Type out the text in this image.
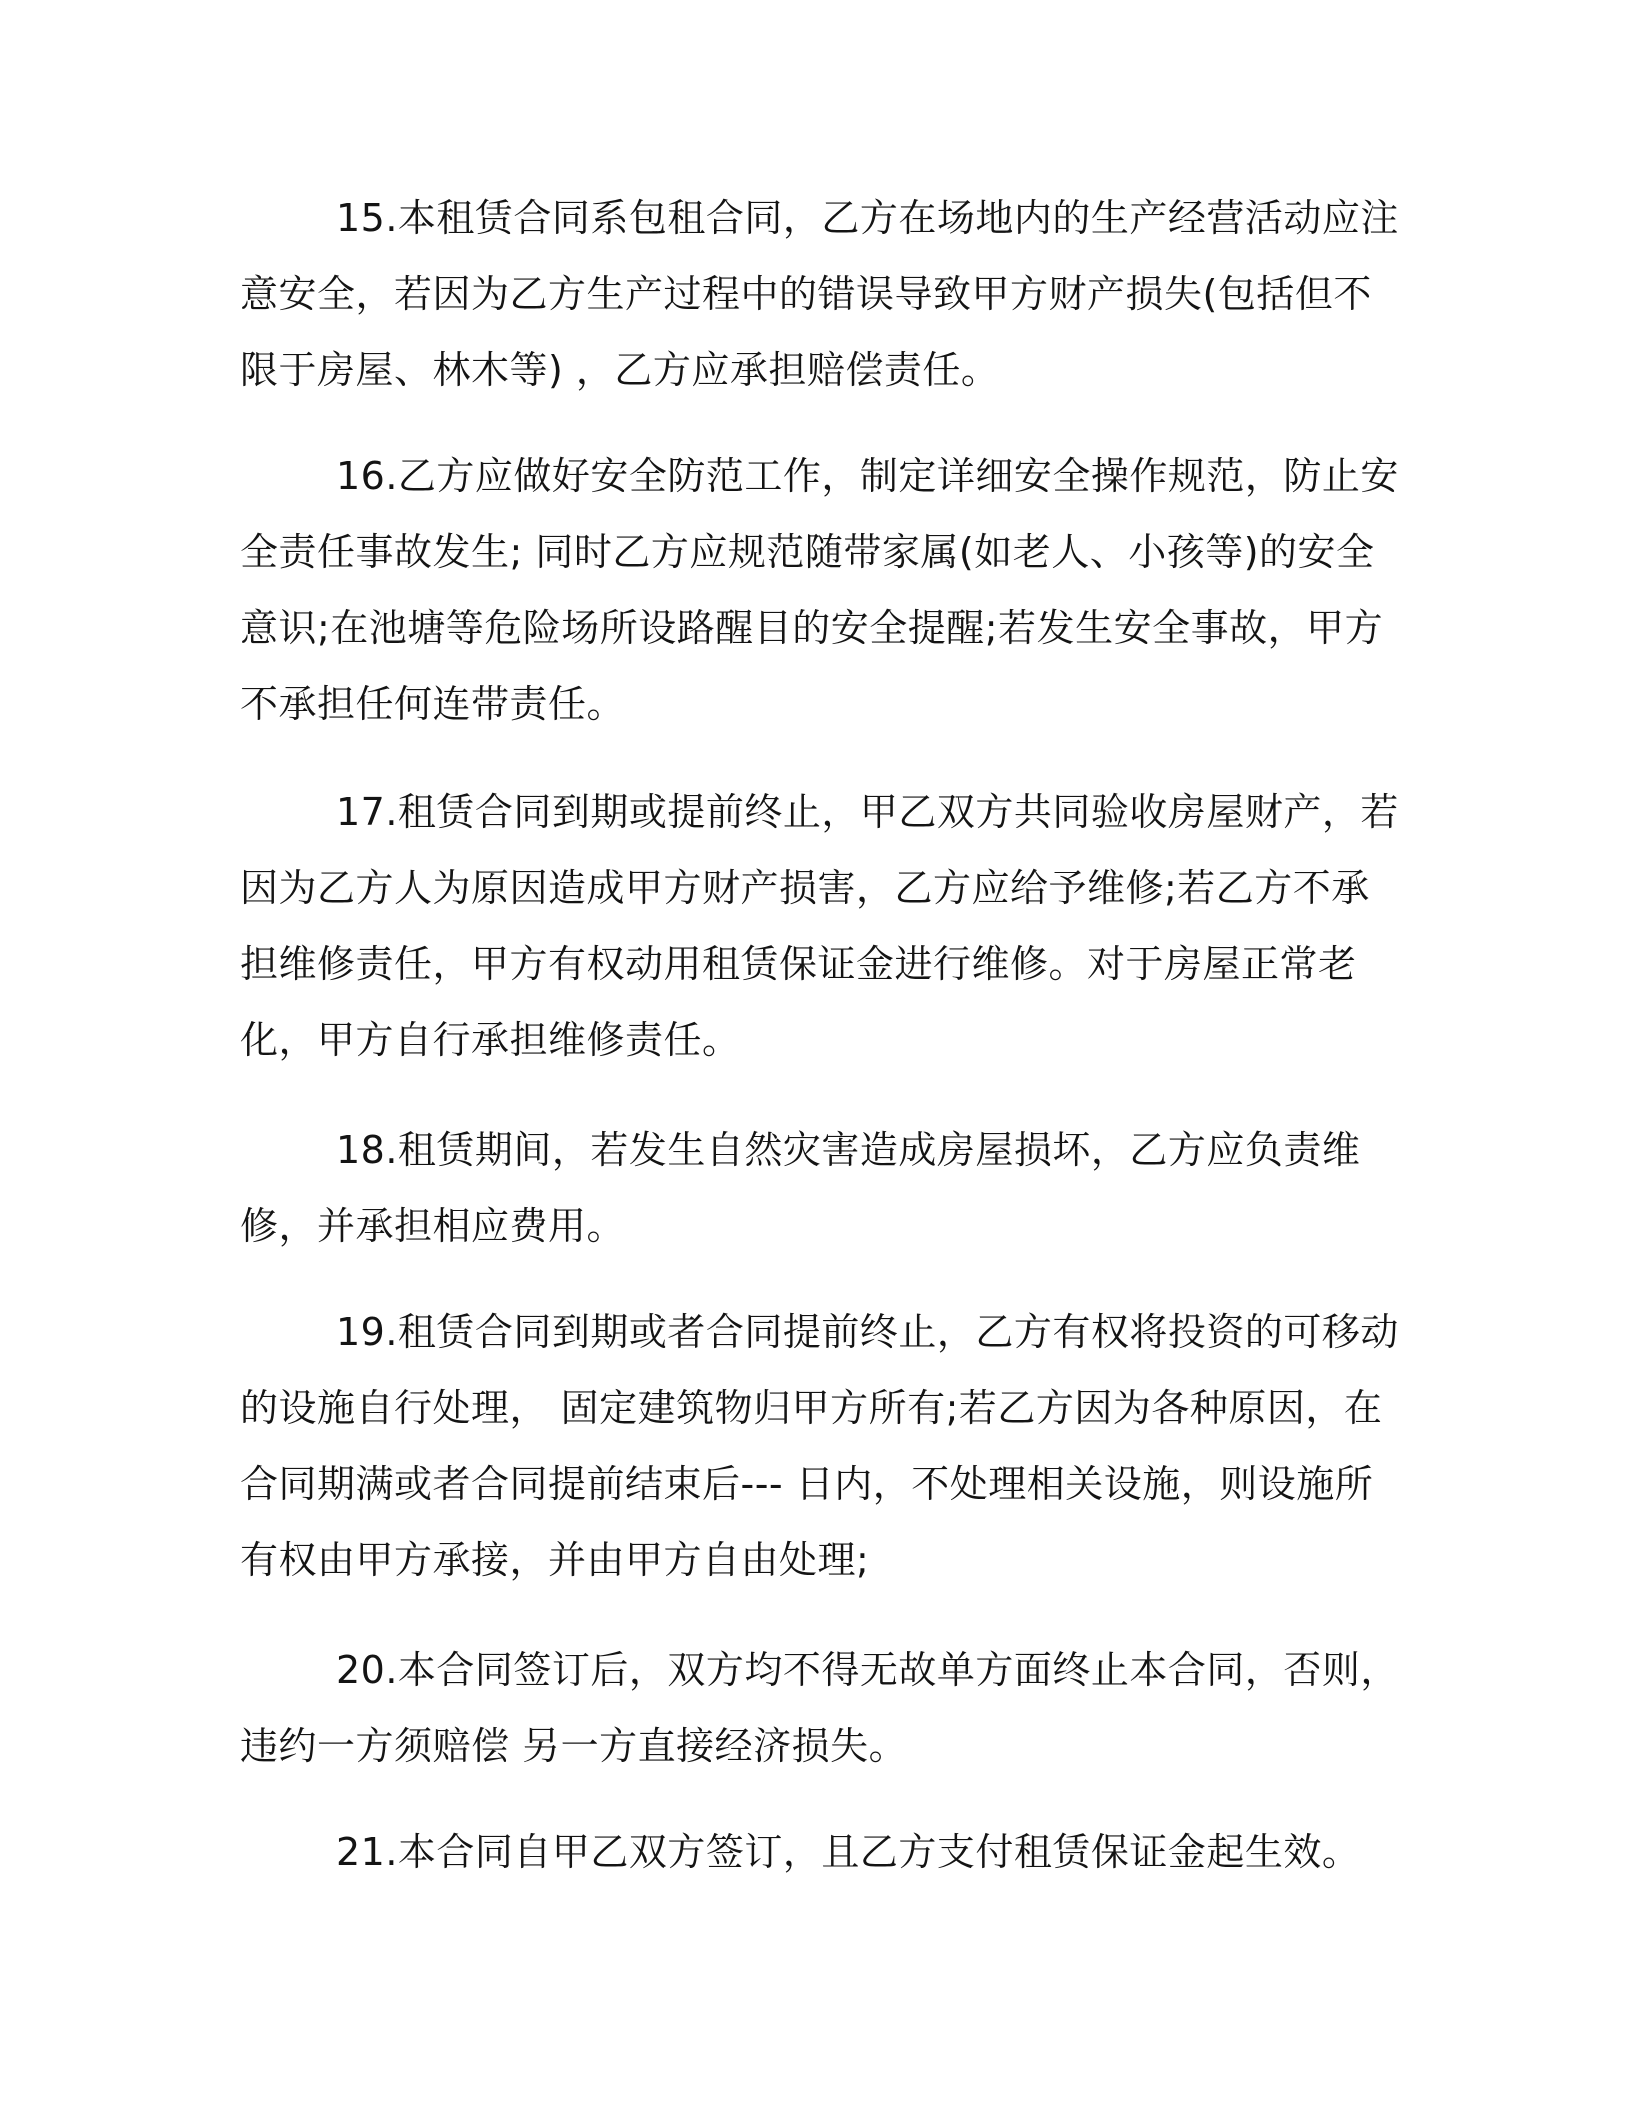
15.本租赁合同系包租合同，乙方在场地内的生产经营活动应注意安全，若因为乙方生产过程中的错误导致甲方财产损失(包括但不限于房屋、林木等) ，乙方应承担赔偿责任。

16.乙方应做好安全防范工作，制定详细安全操作规范，防止安全责任事故发生; 同时乙方应规范随带家属(如老人、小孩等)的安全意识;在池塘等危险场所设路醒目的安全提醒;若发生安全事故，甲方不承担任何连带责任。

17.租赁合同到期或提前终止，甲乙双方共同验收房屋财产，若因为乙方人为原因造成甲方财产损害，乙方应给予维修;若乙方不承担维修责任，甲方有权动用租赁保证金进行维修。对于房屋正常老化，甲方自行承担维修责任。

18.租赁期间，若发生自然灾害造成房屋损坏，乙方应负责维修，并承担相应费用。

19.租赁合同到期或者合同提前终止，乙方有权将投资的可移动的设施自行处理， 固定建筑物归甲方所有;若乙方因为各种原因，在合同期满或者合同提前结束后--- 日内，不处理相关设施，则设施所有权由甲方承接，并由甲方自由处理;

20.本合同签订后，双方均不得无故单方面终止本合同，否则，违约一方须赔偿 另一方直接经济损失。

21.本合同自甲乙双方签订，且乙方支付租赁保证金起生效。
